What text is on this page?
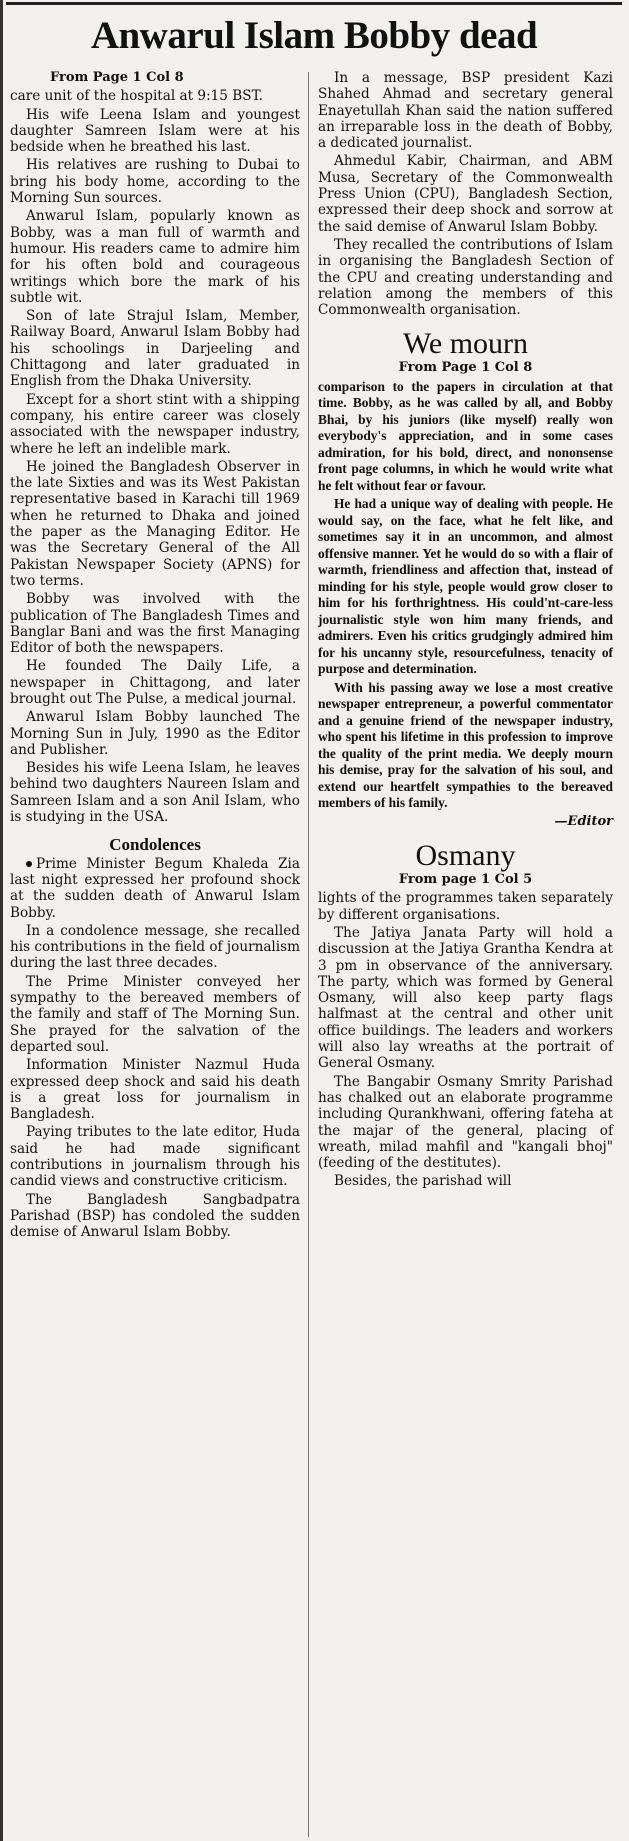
Anwarul Islam Bobby dead
From Page 1 Col 8

care unit of the hospital at 9:15 BST.

His wife Leena Islam and youngest daughter Samreen Islam were at his bedside when he breathed his last.

His relatives are rushing to Dubai to bring his body home, according to the Morning Sun sources.

Anwarul Islam, popularly known as Bobby, was a man full of warmth and humour. His readers came to admire him for his often bold and courageous writings which bore the mark of his subtle wit.

Son of late Strajul Islam, Member, Railway Board, Anwarul Islam Bobby had his schoolings in Darjeeling and Chittagong and later graduated in English from the Dhaka University.

Except for a short stint with a shipping company, his entire career was closely associated with the newspaper industry, where he left an indelible mark.

He joined the Bangladesh Observer in the late Sixties and was its West Pakistan representative based in Karachi till 1969 when he returned to Dhaka and joined the paper as the Managing Editor. He was the Secretary General of the All Pakistan Newspaper Society (APNS) for two terms.

Bobby was involved with the publication of The Bangladesh Times and Banglar Bani and was the first Managing Editor of both the newspapers.

He founded The Daily Life, a newspaper in Chittagong, and later brought out The Pulse, a medical journal.

Anwarul Islam Bobby launched The Morning Sun in July, 1990 as the Editor and Publisher.

Besides his wife Leena Islam, he leaves behind two daughters Naureen Islam and Samreen Islam and a son Anil Islam, who is studying in the USA.

Condolences

Prime Minister Begum Khaleda Zia last night expressed her profound shock at the sudden death of Anwarul Islam Bobby.

In a condolence message, she recalled his contributions in the field of journalism during the last three decades.

The Prime Minister conveyed her sympathy to the bereaved members of the family and staff of The Morning Sun. She prayed for the salvation of the departed soul.

Information Minister Nazmul Huda expressed deep shock and said his death is a great loss for journalism in Bangladesh.

Paying tributes to the late editor, Huda said he had made significant contributions in journalism through his candid views and constructive criticism.

The Bangladesh Sangbadpatra Parishad (BSP) has condoled the sudden demise of Anwarul Islam Bobby.

In a message, BSP president Kazi Shahed Ahmad and secretary general Enayetullah Khan said the nation suffered an irreparable loss in the death of Bobby, a dedicated journalist.

Ahmedul Kabir, Chairman, and ABM Musa, Secretary of the Commonwealth Press Union (CPU), Bangladesh Section, expressed their deep shock and sorrow at the said demise of Anwarul Islam Bobby.

They recalled the contributions of Islam in organising the Bangladesh Section of the CPU and creating understanding and relation among the members of this Commonwealth organisation.

We mourn
From Page 1 Col 8

comparison to the papers in circulation at that time. Bobby, as he was called by all, and Bobby Bhai, by his juniors (like myself) really won everybody's appreciation, and in some cases admiration, for his bold, direct, and nononsense front page columns, in which he would write what he felt without fear or favour.

He had a unique way of dealing with people. He would say, on the face, what he felt like, and sometimes say it in an uncommon, and almost offensive manner. Yet he would do so with a flair of warmth, friendliness and affection that, instead of minding for his style, people would grow closer to him for his forthrightness. His could'nt-care-less journalistic style won him many friends, and admirers. Even his critics grudgingly admired him for his uncanny style, resourcefulness, tenacity of purpose and determination.

With his passing away we lose a most creative newspaper entrepreneur, a powerful commentator and a genuine friend of the newspaper industry, who spent his lifetime in this profession to improve the quality of the print media. We deeply mourn his demise, pray for the salvation of his soul, and extend our heartfelt sympathies to the bereaved members of his family.

—Editor
Osmany
From page 1 Col 5

lights of the programmes taken separately by different organisations.

The Jatiya Janata Party will hold a discussion at the Jatiya Grantha Kendra at 3 pm in observance of the anniversary. The party, which was formed by General Osmany, will also keep party flags halfmast at the central and other unit office buildings. The leaders and workers will also lay wreaths at the portrait of General Osmany.

The Bangabir Osmany Smrity Parishad has chalked out an elaborate programme including Qurankhwani, offering fateha at the majar of the general, placing of wreath, milad mahfil and "kangali bhoj" (feeding of the destitutes).

Besides, the parishad will
